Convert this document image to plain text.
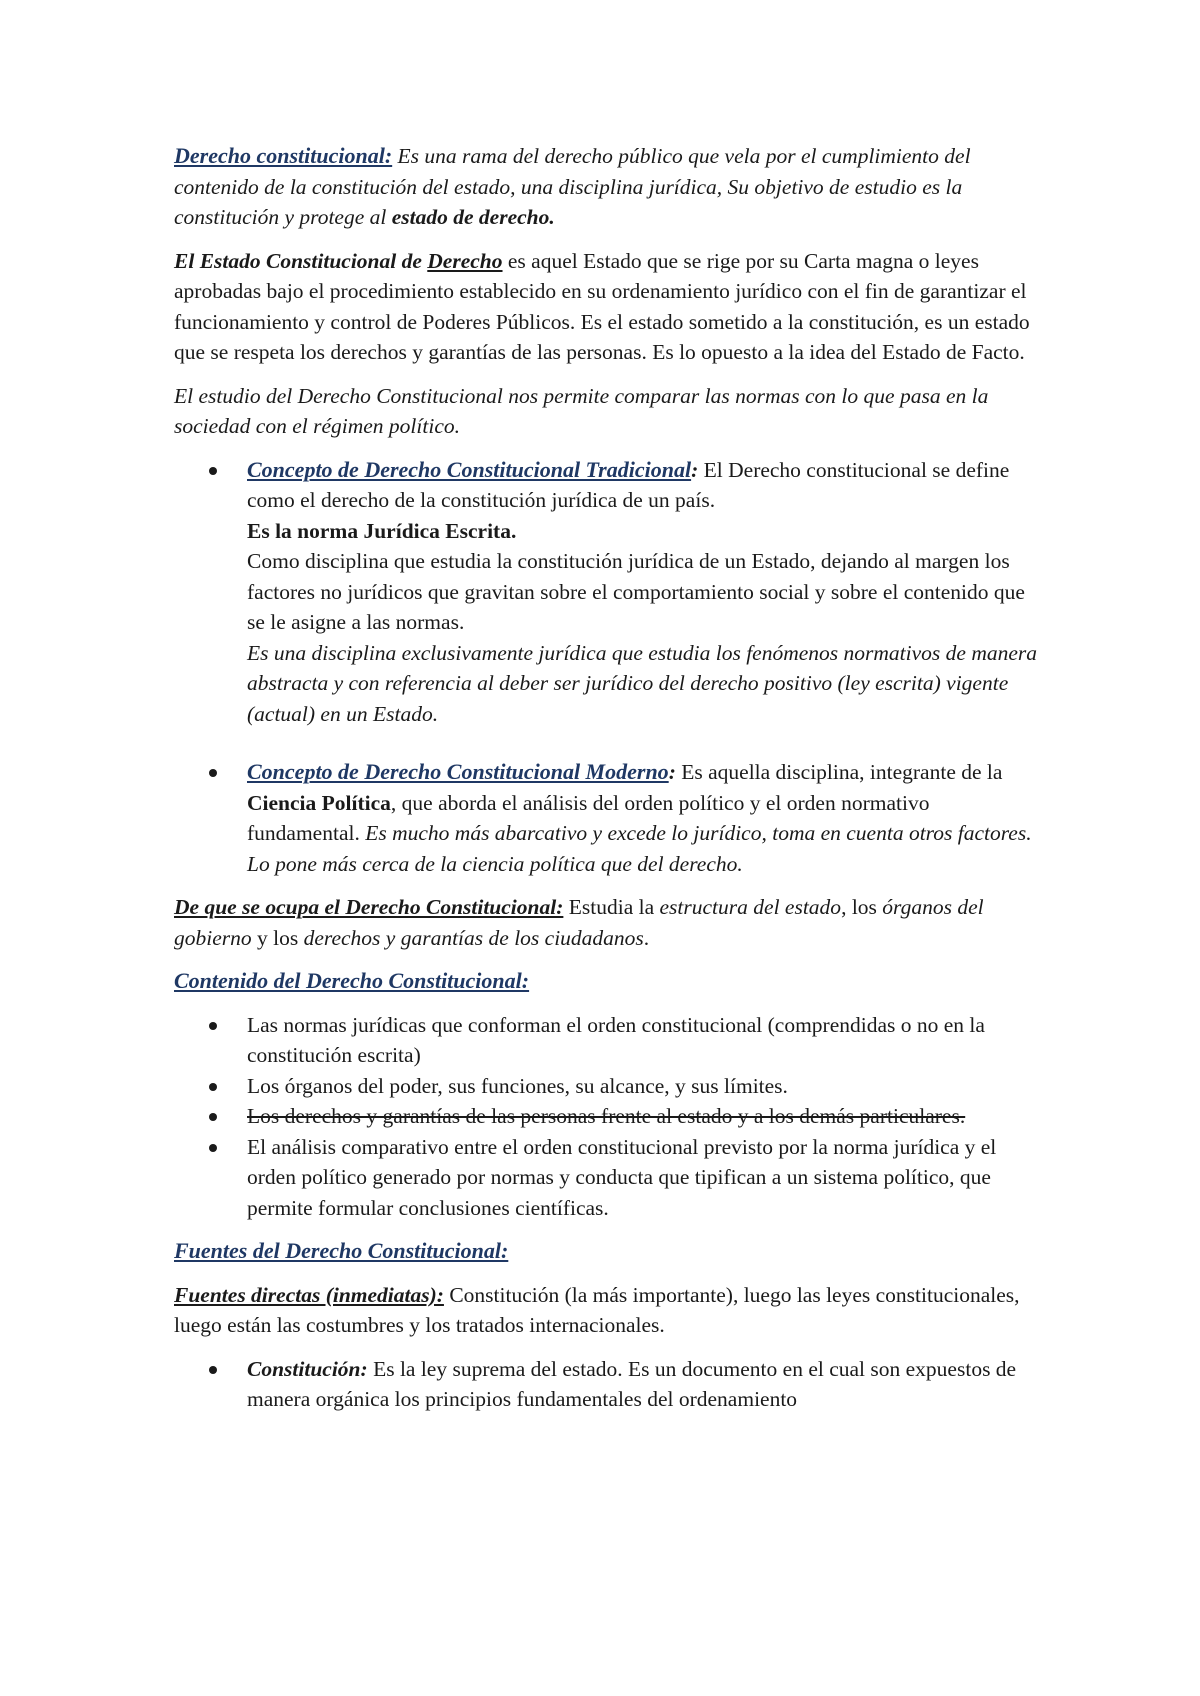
Derecho constitucional: Es una rama del derecho público que vela por el cumplimiento del contenido de la constitución del estado, una disciplina jurídica, Su objetivo de estudio es la constitución y protege al estado de derecho.

El Estado Constitucional de Derecho es aquel Estado que se rige por su Carta magna o leyes aprobadas bajo el procedimiento establecido en su ordenamiento jurídico con el fin de garantizar el funcionamiento y control de Poderes Públicos. Es el estado sometido a la constitución, es un estado que se respeta los derechos y garantías de las personas. Es lo opuesto a la idea del Estado de Facto.

El estudio del Derecho Constitucional nos permite comparar las normas con lo que pasa en la sociedad con el régimen político.

Concepto de Derecho Constitucional Tradicional: El Derecho constitucional se define como el derecho de la constitución jurídica de un país.
Es la norma Jurídica Escrita.
Como disciplina que estudia la constitución jurídica de un Estado, dejando al margen los factores no jurídicos que gravitan sobre el comportamiento social y sobre el contenido que se le asigne a las normas.
Es una disciplina exclusivamente jurídica que estudia los fenómenos normativos de manera abstracta y con referencia al deber ser jurídico del derecho positivo (ley escrita) vigente (actual) en un Estado.
Concepto de Derecho Constitucional Moderno: Es aquella disciplina, integrante de la Ciencia Política, que aborda el análisis del orden político y el orden normativo fundamental. Es mucho más abarcativo y excede lo jurídico, toma en cuenta otros factores. Lo pone más cerca de la ciencia política que del derecho.

De que se ocupa el Derecho Constitucional: Estudia la estructura del estado, los órganos del gobierno y los derechos y garantías de los ciudadanos.

Contenido del Derecho Constitucional:

Las normas jurídicas que conforman el orden constitucional (comprendidas o no en la constitución escrita)
Los órganos del poder, sus funciones, su alcance, y sus límites.
Los derechos y garantías de las personas frente al estado y a los demás particulares.
El análisis comparativo entre el orden constitucional previsto por la norma jurídica y el orden político generado por normas y conducta que tipifican a un sistema político, que permite formular conclusiones científicas.

Fuentes del Derecho Constitucional:

Fuentes directas (inmediatas): Constitución (la más importante), luego las leyes constitucionales, luego están las costumbres y los tratados internacionales.

Constitución: Es la ley suprema del estado. Es un documento en el cual son expuestos de manera orgánica los principios fundamentales del ordenamiento
